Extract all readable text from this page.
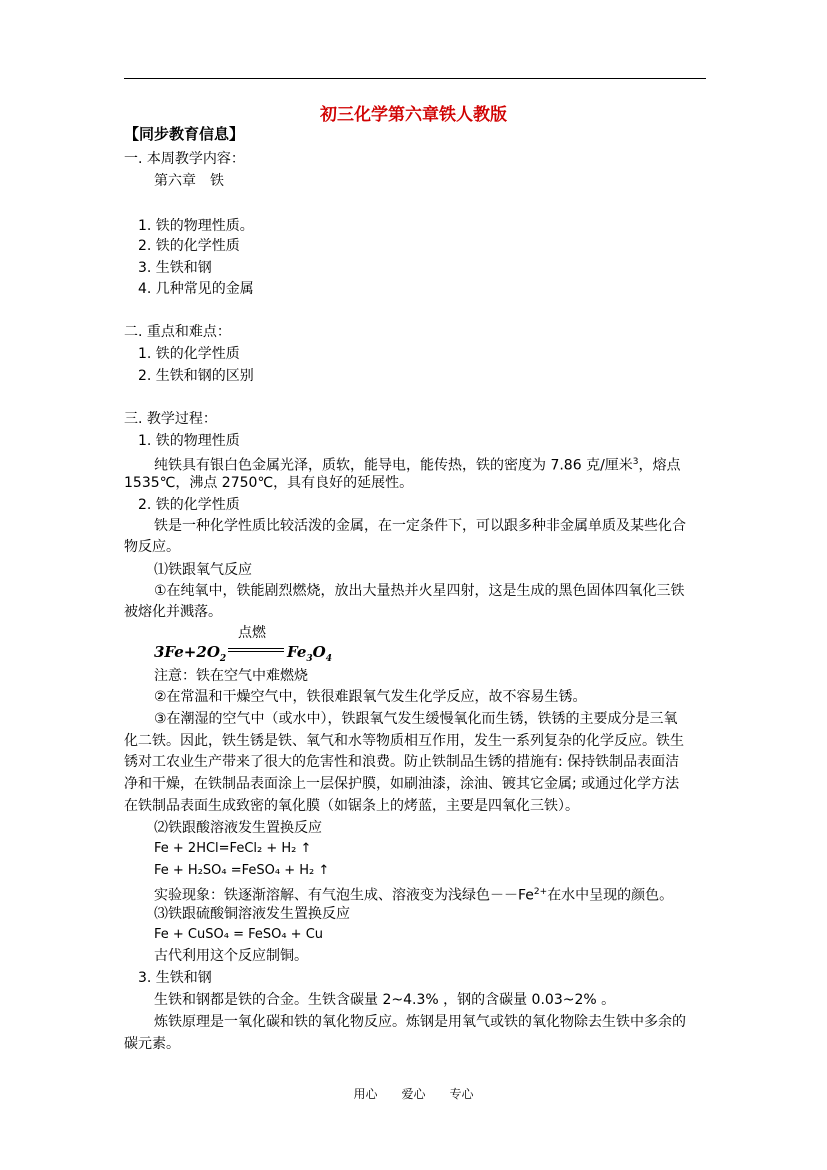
初三化学第六章铁人教版
【同步教育信息】
一. 本周教学内容：
第六章　铁
1. 铁的物理性质。
2. 铁的化学性质
3. 生铁和钢
4. 几种常见的金属
二. 重点和难点：
1. 铁的化学性质
2. 生铁和钢的区别
三. 教学过程：
1. 铁的物理性质
纯铁具有银白色金属光泽，质软，能导电，能传热，铁的密度为 7.86 克/厘米$^3$，熔点
1535℃，沸点 2750℃，具有良好的延展性。
2. 铁的化学性质
铁是一种化学性质比较活泼的金属，在一定条件下，可以跟多种非金属单质及某些化合
物反应。
⑴铁跟氧气反应
①在纯氧中，铁能剧烈燃烧，放出大量热并火星四射，这是生成的黑色固体四氧化三铁
被熔化并溅落。
点燃
$3Fe+2O_2$	$Fe_3O_4$
注意：铁在空气中难燃烧
②在常温和干燥空气中，铁很难跟氧气发生化学反应，故不容易生锈。
③在潮湿的空气中（或水中），铁跟氧气发生缓慢氧化而生锈，铁锈的主要成分是三氧
化二铁。因此，铁生锈是铁、氧气和水等物质相互作用，发生一系列复杂的化学反应。铁生
锈对工农业生产带来了很大的危害性和浪费。防止铁制品生锈的措施有: 保持铁制品表面洁
净和干燥，在铁制品表面涂上一层保护膜，如刷油漆，涂油、镀其它金属; 或通过化学方法
在铁制品表面生成致密的氧化膜（如锯条上的烤蓝，主要是四氧化三铁）。
⑵铁跟酸溶液发生置换反应
Fe + 2HCl=FeCl₂ + H₂ ↑
Fe + H₂SO₄ =FeSO₄ + H₂ ↑
实验现象：铁逐渐溶解、有气泡生成、溶液变为浅绿色$--Fe^{2+}$在水中呈现的颜色。
⑶铁跟硫酸铜溶液发生置换反应
Fe + CuSO₄ = FeSO₄ + Cu
古代利用这个反应制铜。
3. 生铁和钢
生铁和钢都是铁的合金。生铁含碳量 2~4.3% ，钢的含碳量 0.03~2% 。
炼铁原理是一氧化碳和铁的氧化物反应。炼钢是用氧气或铁的氧化物除去生铁中多余的
碳元素。
用心　　爱心　　专心
